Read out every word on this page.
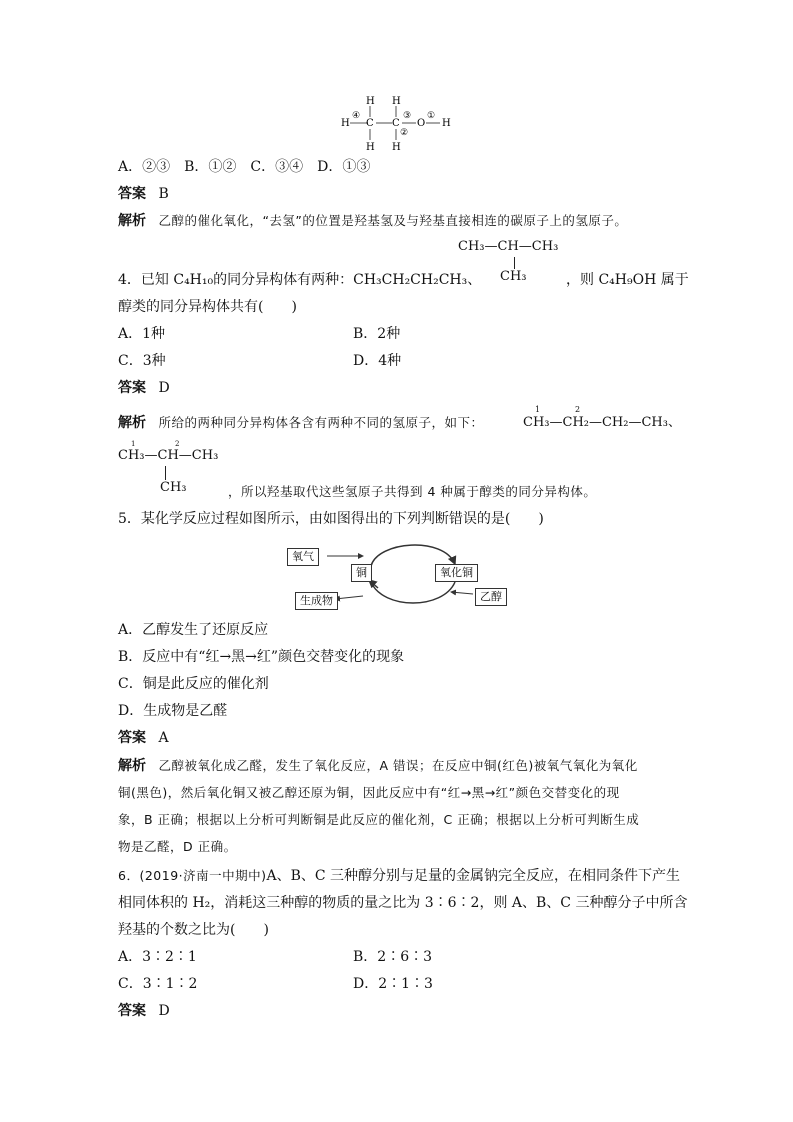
H
④
H
C
H
H
C
H
②
③
O
①
H
A．②③　B．①②　C．③④　D．①③
答案 B
解析 乙醇的催化氧化，“去氢”的位置是羟基氢及与羟基直接相连的碳原子上的氢原子。
CH₃—CH—CH₃
CH₃
4．已知 C₄H₁₀的同分异构体有两种：CH₃CH₂CH₂CH₃、	，则 C₄H₉OH 属于
醇类的同分异构体共有(　　)
A．1种	B．2种
C．3种	D．4种
答案 D
解析 所给的两种同分异构体各含有两种不同的氢原子，如下：
1	2
CH₃—CH₂—CH₂—CH₃、
1	2
CH₃—CH—CH₃
CH₃	，所以羟基取代这些氢原子共得到 4 种属于醇类的同分异构体。
5．某化学反应过程如图所示，由如图得出的下列判断错误的是(　　)
氧气
铜	氧化铜
生成物	乙醇
A．乙醇发生了还原反应
B．反应中有“红→黑→红”颜色交替变化的现象
C．铜是此反应的催化剂
D．生成物是乙醛
答案 A
解析 乙醇被氧化成乙醛，发生了氧化反应，A 错误；在反应中铜(红色)被氧气氧化为氧化
铜(黑色)，然后氧化铜又被乙醇还原为铜，因此反应中有“红→黑→红”颜色交替变化的现
象，B 正确；根据以上分析可判断铜是此反应的催化剂，C 正确；根据以上分析可判断生成
物是乙醛，D 正确。
6．(2019·济南一中期中)A、B、C 三种醇分别与足量的金属钠完全反应，在相同条件下产生
相同体积的 H₂，消耗这三种醇的物质的量之比为 3∶6∶2，则 A、B、C 三种醇分子中所含
羟基的个数之比为(　　)
A．3∶2∶1	B．2∶6∶3
C．3∶1∶2	D．2∶1∶3
答案 D
